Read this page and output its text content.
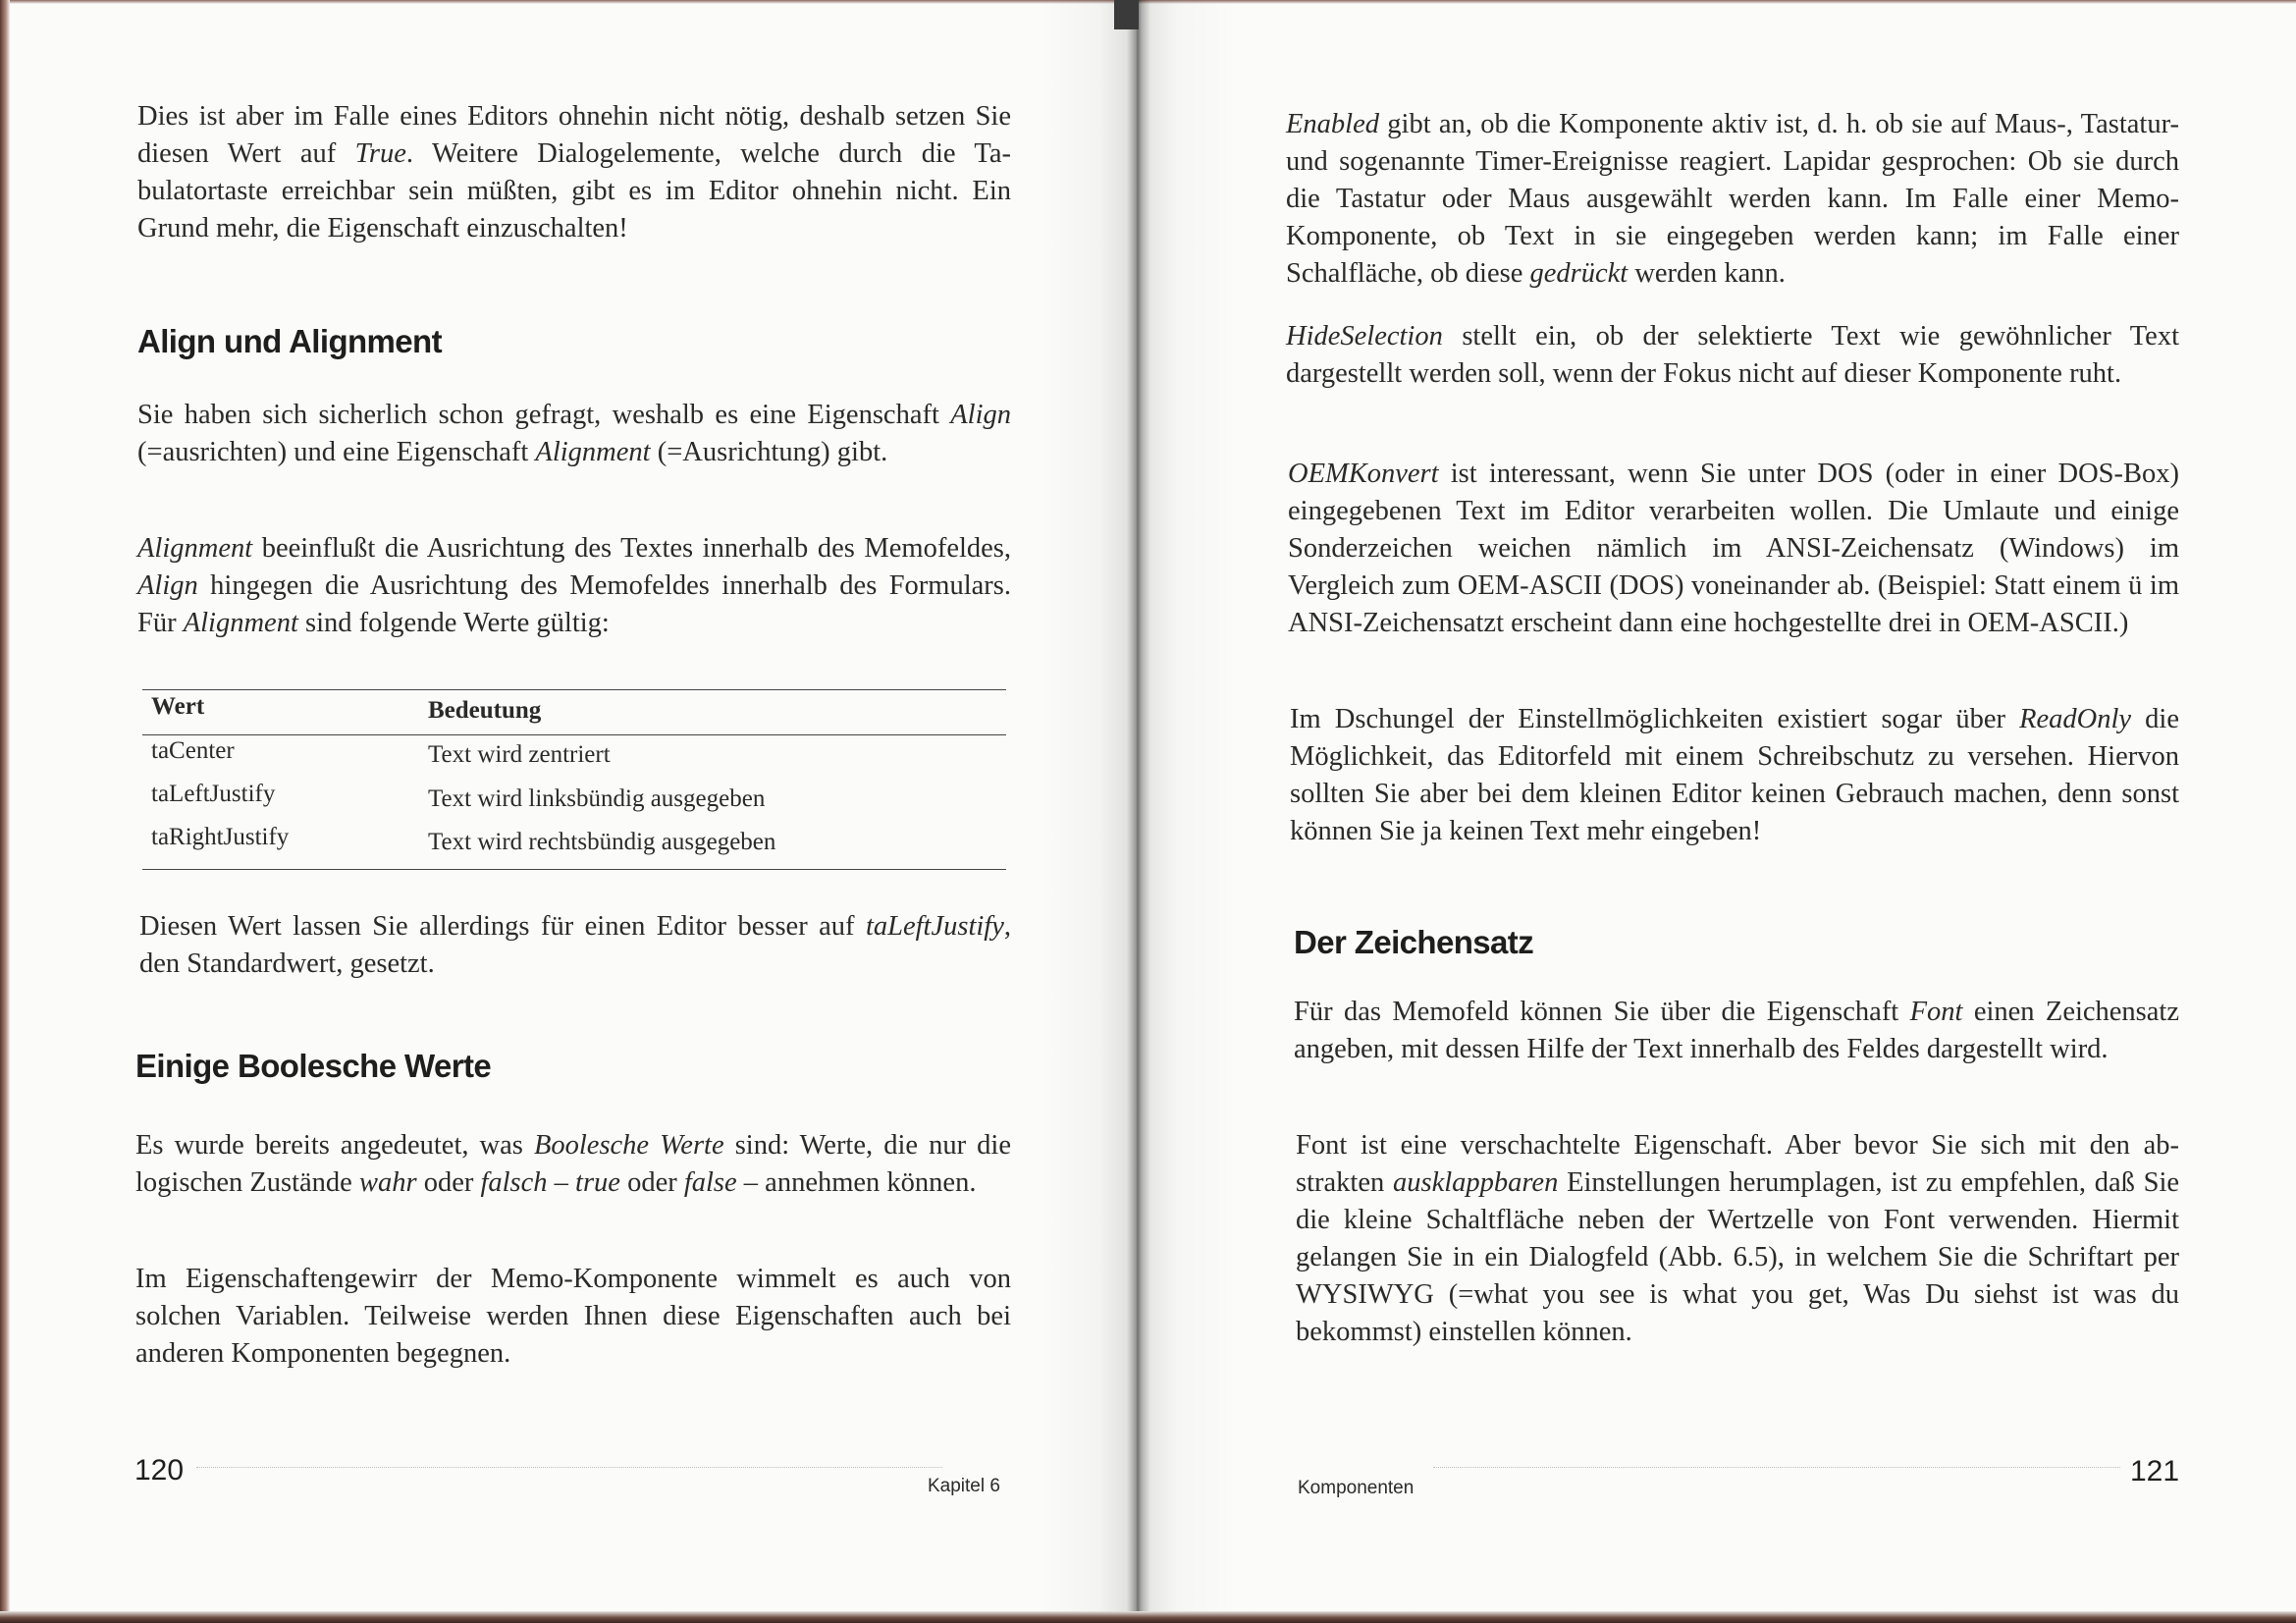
Dies ist aber im Falle eines Editors ohnehin nicht nötig, deshalb setzen Sie diesen Wert auf True. Weitere Dialogelemente, welche durch die Tabulatortaste erreichbar sein müßten, gibt es im Editor ohnehin nicht. Ein Grund mehr, die Eigenschaft einzuschalten!

Align und Alignment

Sie haben sich sicherlich schon gefragt, weshalb es eine Eigenschaft Align (=ausrichten) und eine Eigenschaft Alignment (=Ausrichtung) gibt.

Alignment beeinflußt die Ausrichtung des Textes innerhalb des Memofeldes, Align hingegen die Ausrichtung des Memofeldes innerhalb des Formulars. Für Alignment sind folgende Werte gültig:

Wert	Bedeutung
taCenter	Text wird zentriert
taLeftJustify	Text wird linksbündig ausgegeben
taRightJustify	Text wird rechtsbündig ausgegeben

Diesen Wert lassen Sie allerdings für einen Editor besser auf taLeftJustify, den Standardwert, gesetzt.

Einige Boolesche Werte

Es wurde bereits angedeutet, was Boolesche Werte sind: Werte, die nur die logischen Zustände wahr oder falsch – true oder false – annehmen können.

Im Eigenschaftengewirr der Memo-Komponente wimmelt es auch von solchen Variablen. Teilweise werden Ihnen diese Eigenschaften auch bei anderen Komponenten begegnen.

120	Kapitel 6

Enabled gibt an, ob die Komponente aktiv ist, d. h. ob sie auf Maus-, Tastatur- und sogenannte Timer-Ereignisse reagiert. Lapidar gesprochen: Ob sie durch die Tastatur oder Maus ausgewählt werden kann. Im Falle einer Memo-Komponente, ob Text in sie eingegeben werden kann; im Falle einer Schalfläche, ob diese gedrückt werden kann.

HideSelection stellt ein, ob der selektierte Text wie gewöhnlicher Text dargestellt werden soll, wenn der Fokus nicht auf dieser Komponente ruht.

OEMKonvert ist interessant, wenn Sie unter DOS (oder in einer DOS-Box) eingegebenen Text im Editor verarbeiten wollen. Die Umlaute und einige Sonderzeichen weichen nämlich im ANSI-Zeichensatz (Windows) im Vergleich zum OEM-ASCII (DOS) voneinander ab. (Beispiel: Statt einem ü im ANSI-Zeichensatzt erscheint dann eine hochgestellte drei in OEM-ASCII.)

Im Dschungel der Einstellmöglichkeiten existiert sogar über ReadOnly die Möglichkeit, das Editorfeld mit einem Schreibschutz zu versehen. Hiervon sollten Sie aber bei dem kleinen Editor keinen Gebrauch machen, denn sonst können Sie ja keinen Text mehr eingeben!

Der Zeichensatz

Für das Memofeld können Sie über die Eigenschaft Font einen Zeichensatz angeben, mit dessen Hilfe der Text innerhalb des Feldes dargestellt wird.

Font ist eine verschachtelte Eigenschaft. Aber bevor Sie sich mit den abstrakten ausklappbaren Einstellungen herumplagen, ist zu empfehlen, daß Sie die kleine Schaltfläche neben der Wertzelle von Font verwenden. Hiermit gelangen Sie in ein Dialogfeld (Abb. 6.5), in welchem Sie die Schriftart per WYSIWYG (=what you see is what you get, Was Du siehst ist was du bekommst) einstellen können.

Komponenten
121
